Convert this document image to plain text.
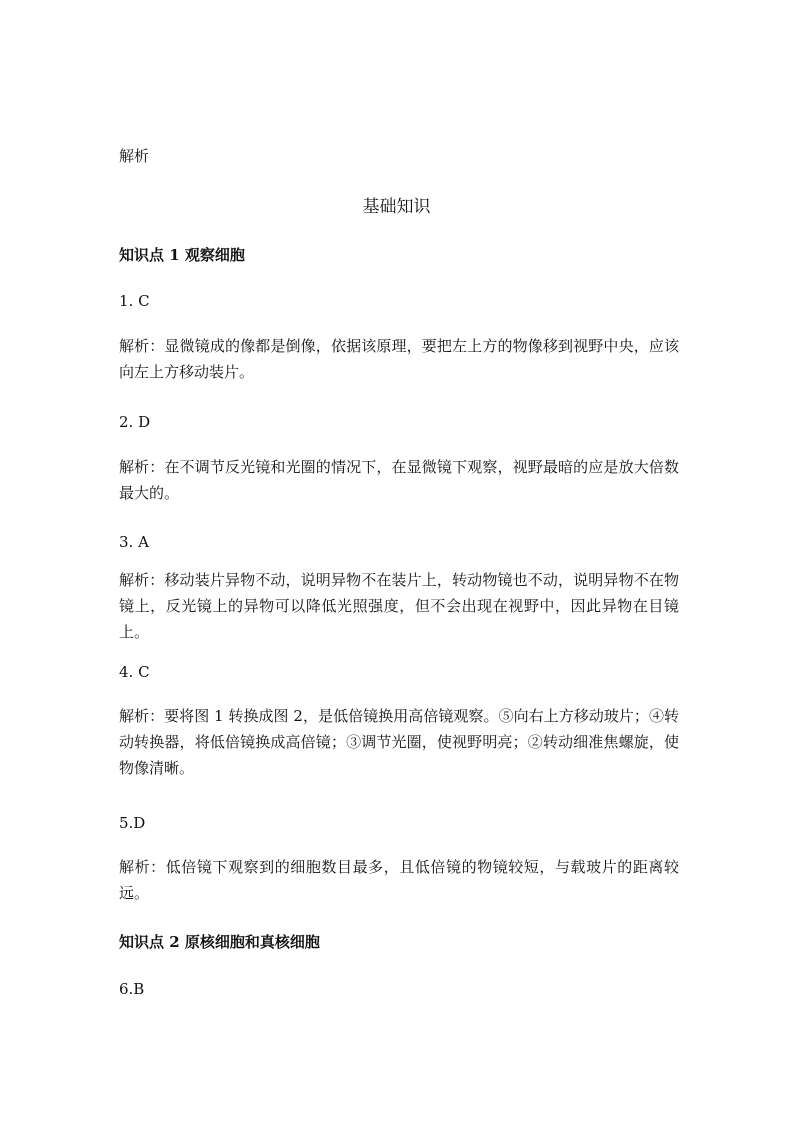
解析
基础知识
知识点 1 观察细胞
1. C
解析：显微镜成的像都是倒像，依据该原理，要把左上方的物像移到视野中央，应该向左上方移动装片。
2. D
解析：在不调节反光镜和光圈的情况下，在显微镜下观察，视野最暗的应是放大倍数最大的。
3. A
解析：移动装片异物不动，说明异物不在装片上，转动物镜也不动，说明异物不在物镜上，反光镜上的异物可以降低光照强度，但不会出现在视野中，因此异物在目镜上。
4. C
解析：要将图 1 转换成图 2，是低倍镜换用高倍镜观察。⑤向右上方移动玻片；④转动转换器，将低倍镜换成高倍镜；③调节光圈，使视野明亮；②转动细准焦螺旋，使物像清晰。
5.D
解析：低倍镜下观察到的细胞数目最多，且低倍镜的物镜较短，与载玻片的距离较远。
知识点 2 原核细胞和真核细胞
6.B
